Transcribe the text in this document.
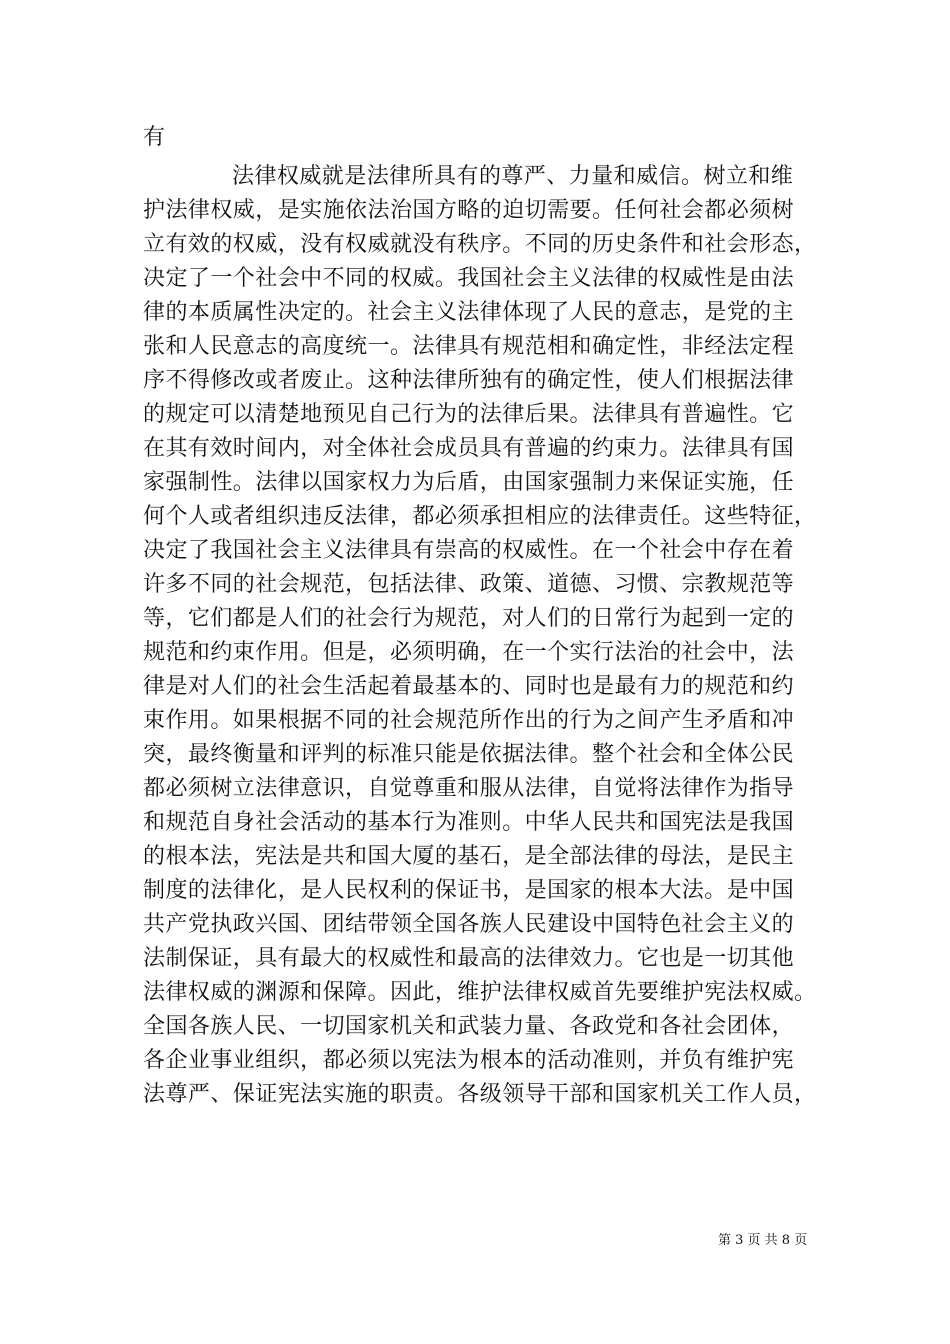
有
法律权威就是法律所具有的尊严、力量和威信。树立和维
护法律权威，是实施依法治国方略的迫切需要。任何社会都必须树
立有效的权威，没有权威就没有秩序。不同的历史条件和社会形态，
决定了一个社会中不同的权威。我国社会主义法律的权威性是由法
律的本质属性决定的。社会主义法律体现了人民的意志，是党的主
张和人民意志的高度统一。法律具有规范相和确定性，非经法定程
序不得修改或者废止。这种法律所独有的确定性，使人们根据法律
的规定可以清楚地预见自己行为的法律后果。法律具有普遍性。它
在其有效时间内，对全体社会成员具有普遍的约束力。法律具有国
家强制性。法律以国家权力为后盾，由国家强制力来保证实施，任
何个人或者组织违反法律，都必须承担相应的法律责任。这些特征，
决定了我国社会主义法律具有崇高的权威性。在一个社会中存在着
许多不同的社会规范，包括法律、政策、道德、习惯、宗教规范等
等，它们都是人们的社会行为规范，对人们的日常行为起到一定的
规范和约束作用。但是，必须明确，在一个实行法治的社会中，法
律是对人们的社会生活起着最基本的、同时也是最有力的规范和约
束作用。如果根据不同的社会规范所作出的行为之间产生矛盾和冲
突，最终衡量和评判的标准只能是依据法律。整个社会和全体公民
都必须树立法律意识，自觉尊重和服从法律，自觉将法律作为指导
和规范自身社会活动的基本行为准则。中华人民共和国宪法是我国
的根本法，宪法是共和国大厦的基石，是全部法律的母法，是民主
制度的法律化，是人民权利的保证书，是国家的根本大法。是中国
共产党执政兴国、团结带领全国各族人民建设中国特色社会主义的
法制保证，具有最大的权威性和最高的法律效力。它也是一切其他
法律权威的渊源和保障。因此，维护法律权威首先要维护宪法权威。
全国各族人民、一切国家机关和武装力量、各政党和各社会团体，
各企业事业组织，都必须以宪法为根本的活动准则，并负有维护宪
法尊严、保证宪法实施的职责。各级领导干部和国家机关工作人员，
第 3 页 共 8 页
